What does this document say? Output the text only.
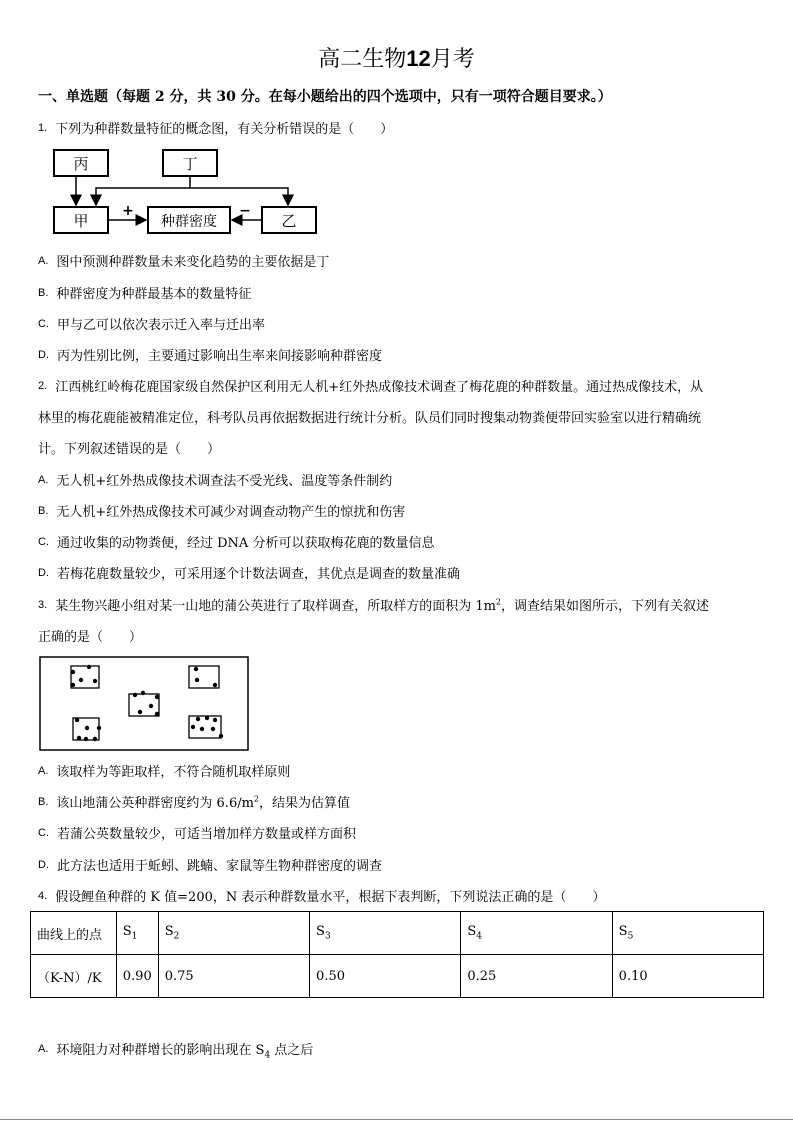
高二生物12月考
一、单选题（每题 2 分，共 30 分。在每小题给出的四个选项中，只有一项符合题目要求。）
1. 下列为种群数量特征的概念图，有关分析错误的是（　　）
丙	丁
甲	种群密度	乙
+	−
A. 图中预测种群数量未来变化趋势的主要依据是丁
B. 种群密度为种群最基本的数量特征
C. 甲与乙可以依次表示迁入率与迁出率
D. 丙为性别比例，主要通过影响出生率来间接影响种群密度
2. 江西桃红岭梅花鹿国家级自然保护区利用无人机+红外热成像技术调查了梅花鹿的种群数量。通过热成像技术，从
林里的梅花鹿能被精准定位，科考队员再依据数据进行统计分析。队员们同时搜集动物粪便带回实验室以进行精确统
计。下列叙述错误的是（　　）
A. 无人机+红外热成像技术调查法不受光线、温度等条件制约
B. 无人机+红外热成像技术可减少对调查动物产生的惊扰和伤害
C. 通过收集的动物粪便，经过 DNA 分析可以获取梅花鹿的数量信息
D. 若梅花鹿数量较少，可采用逐个计数法调查，其优点是调查的数量准确
3. 某生物兴趣小组对某一山地的蒲公英进行了取样调查，所取样方的面积为 $1m^2$，调查结果如图所示，下列有关叙述
正确的是（　　）
A. 该取样为等距取样，不符合随机取样原则
B. 该山地蒲公英种群密度约为 $6.6/m^2$，结果为估算值
C. 若蒲公英数量较少，可适当增加样方数量或样方面积
D. 此方法也适用于蚯蚓、跳蝻、家鼠等生物种群密度的调查
4. 假设鲤鱼种群的 K 值=200，N 表示种群数量水平，根据下表判断，下列说法正确的是（　　）
曲线上的点	$S_1$	$S_2$	$S_3$	$S_4$	$S_5$
（K-N）/K	0.90	0.75	0.50	0.25	0.10
A. 环境阻力对种群增长的影响出现在 $S_4$ 点之后
